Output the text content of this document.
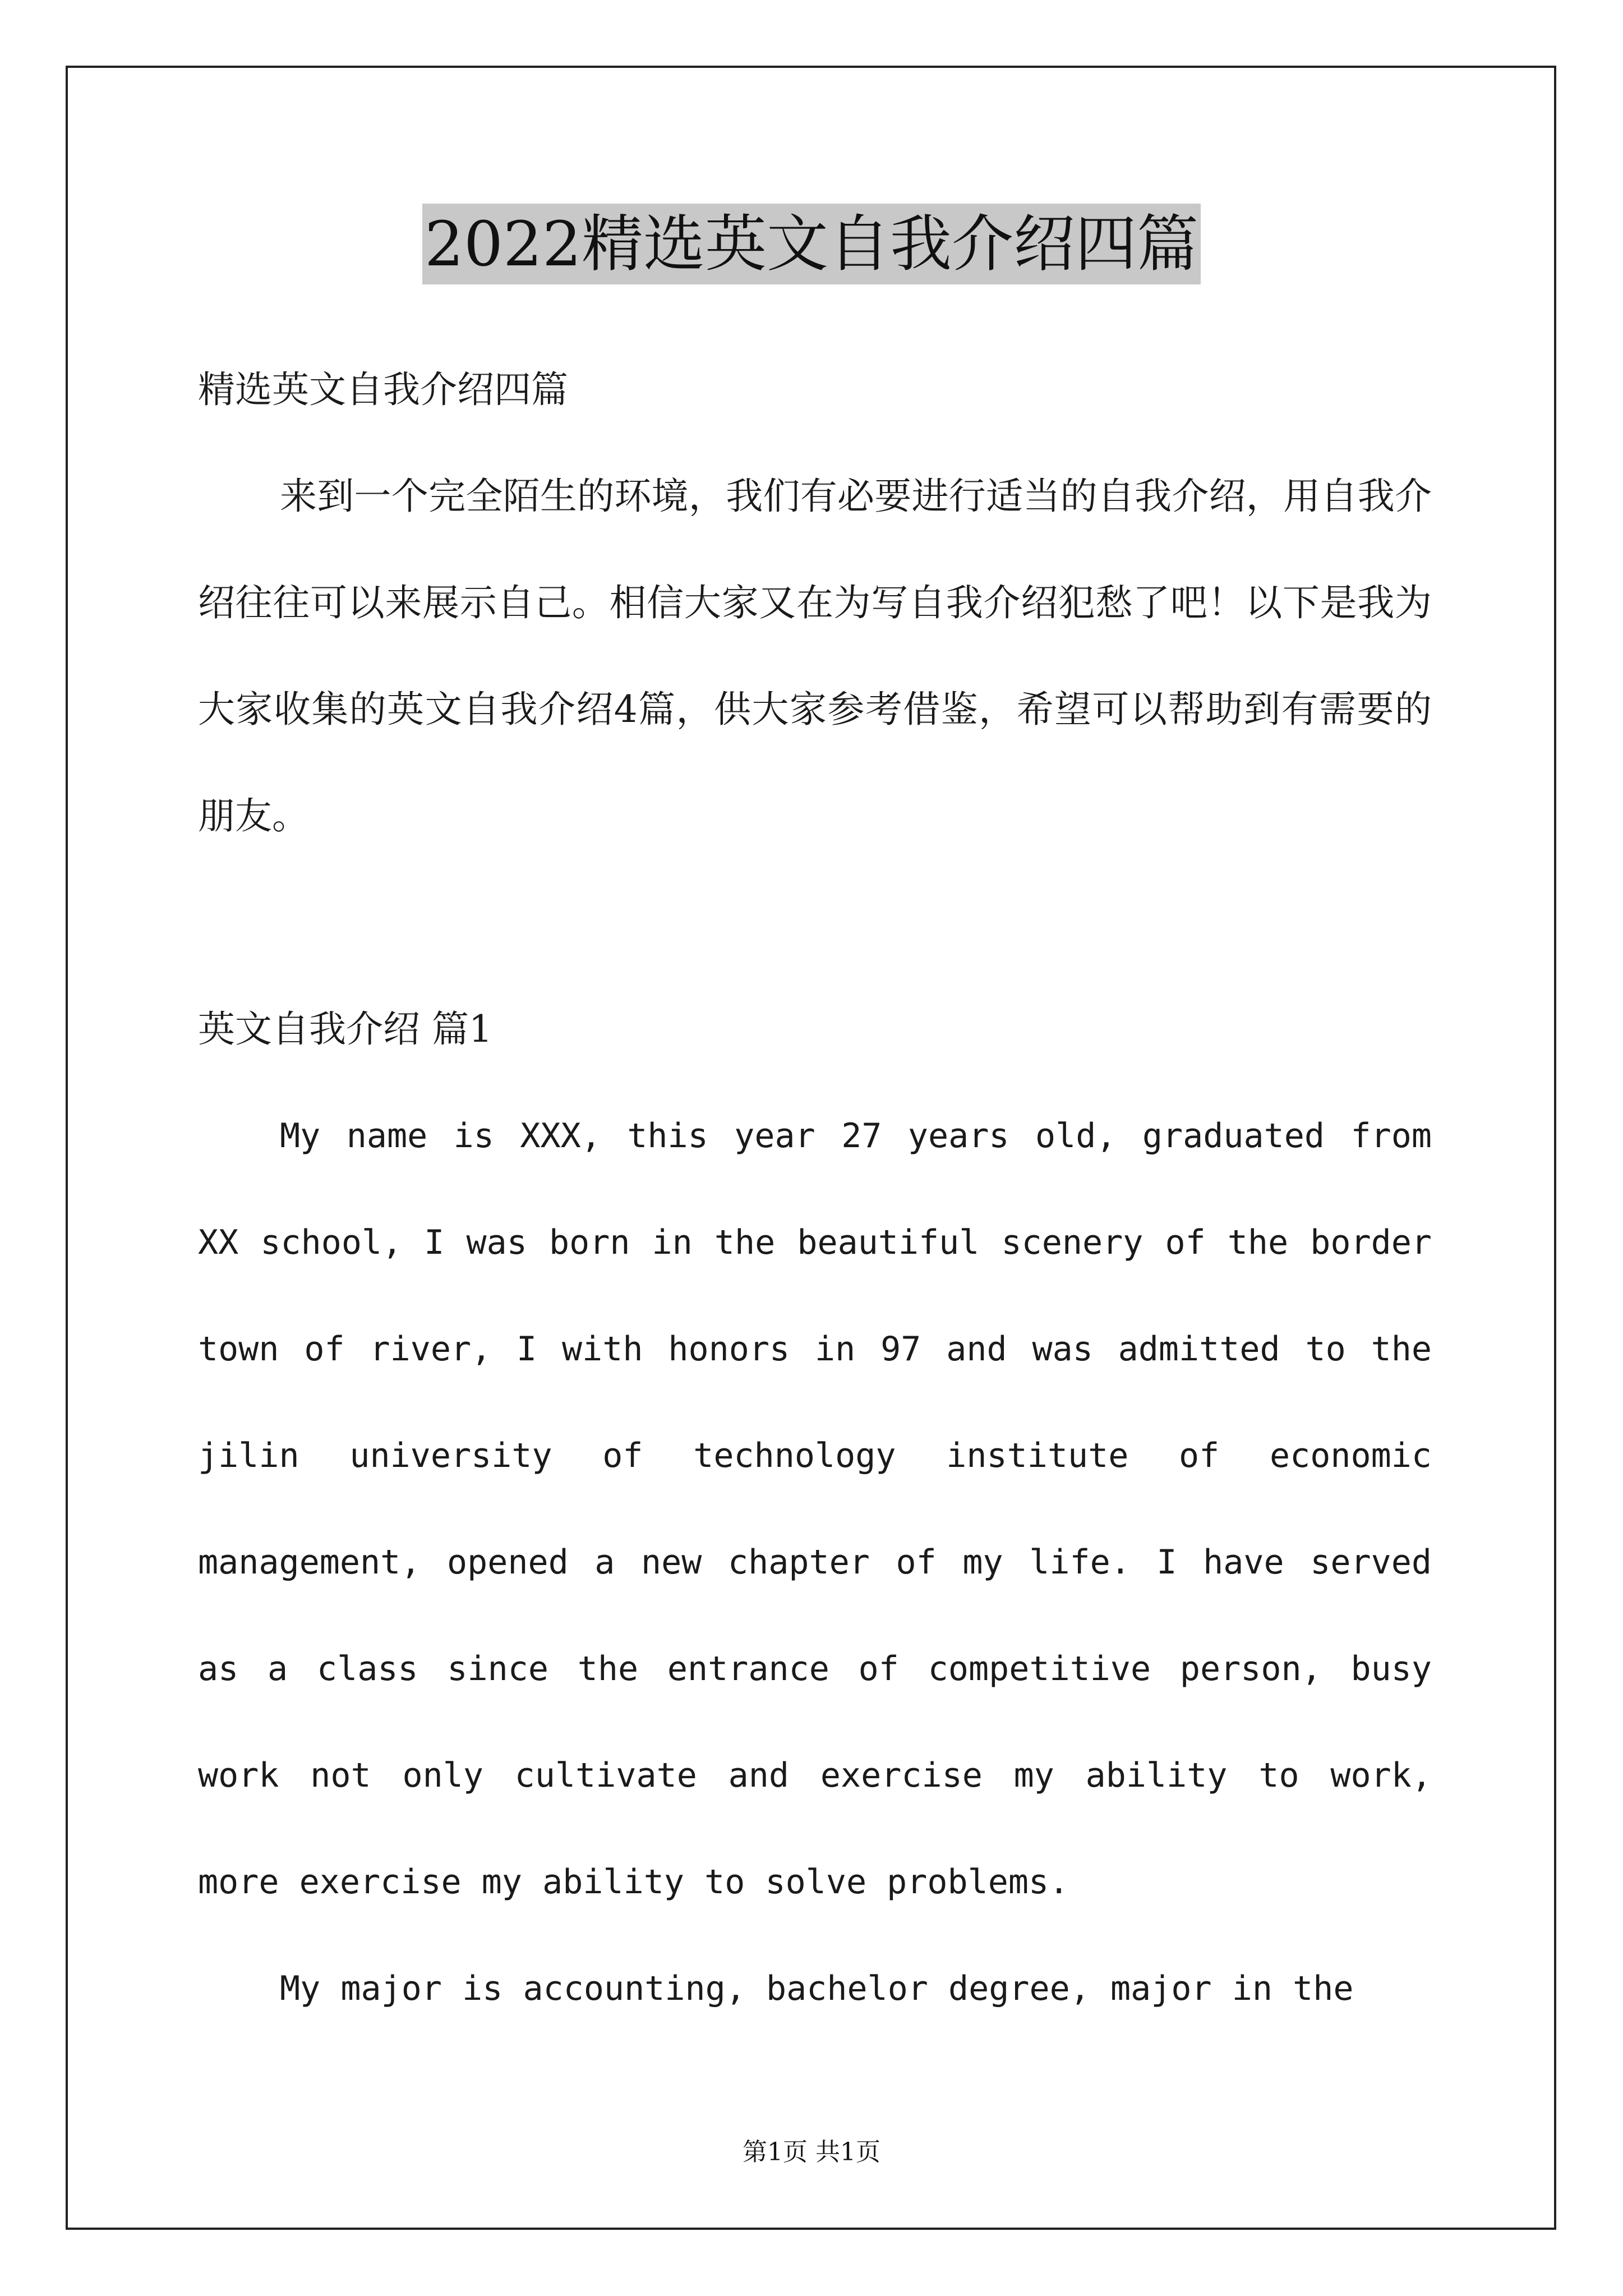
2022精选英文自我介绍四篇

精选英文自我介绍四篇

来到一个完全陌生的环境，我们有必要进行适当的自我介绍，用自我介绍往往可以来展示自己。相信大家又在为写自我介绍犯愁了吧！以下是我为大家收集的英文自我介绍4篇，供大家参考借鉴，希望可以帮助到有需要的朋友。

英文自我介绍 篇1

My name is XXX, this year 27 years old, graduated from XX school, I was born in the beautiful scenery of the border town of river, I with honors in 97 and was admitted to the jilin university of technology institute of economic management, opened a new chapter of my life. I have served as a class since the entrance of competitive person, busy work not only cultivate and exercise my ability to work, more exercise my ability to solve problems.

My major is accounting, bachelor degree, major in the

第1页 共1页
